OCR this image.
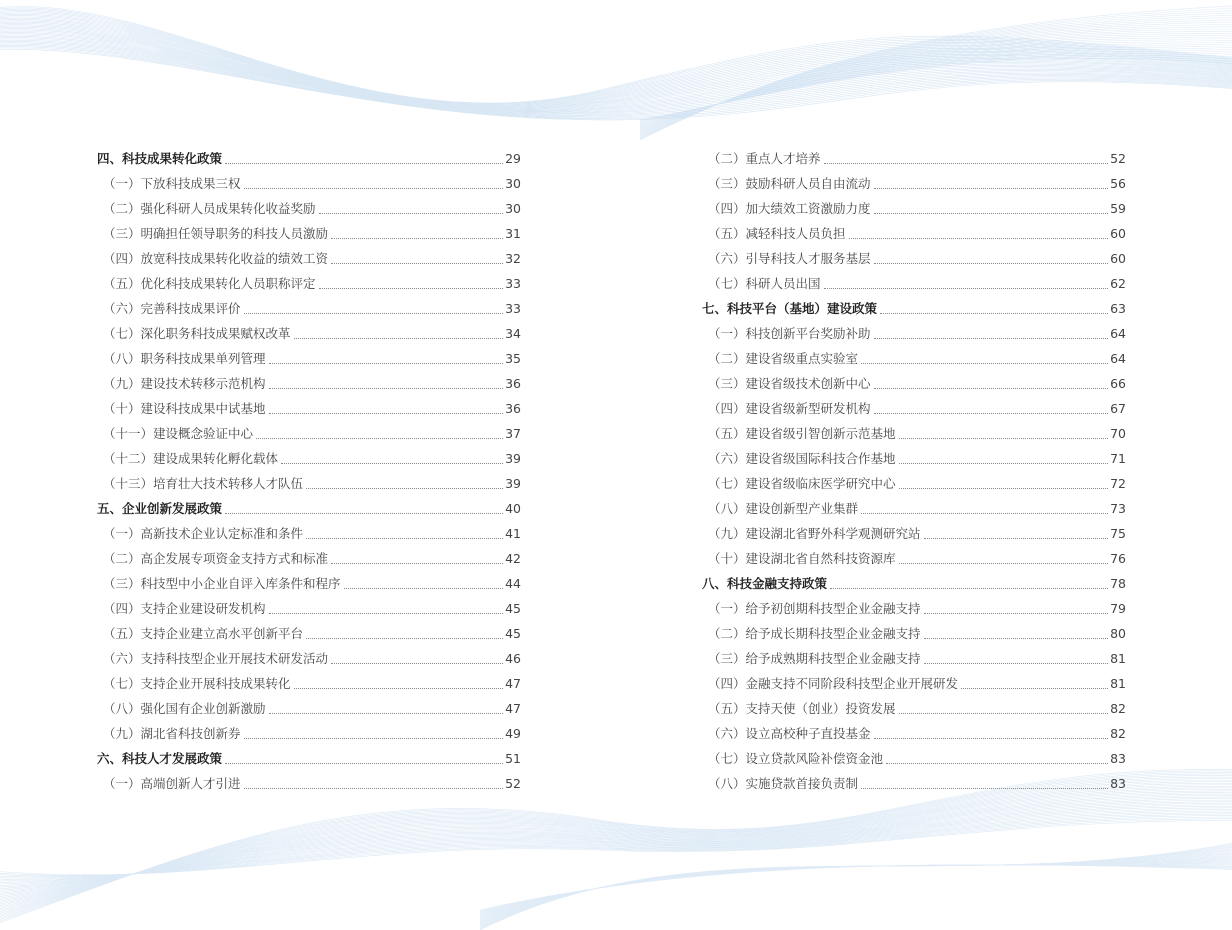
四、科技成果转化政策	29
（一）下放科技成果三权	30
（二）强化科研人员成果转化收益奖励	30
（三）明确担任领导职务的科技人员激励	31
（四）放宽科技成果转化收益的绩效工资	32
（五）优化科技成果转化人员职称评定	33
（六）完善科技成果评价	33
（七）深化职务科技成果赋权改革	34
（八）职务科技成果单列管理	35
（九）建设技术转移示范机构	36
（十）建设科技成果中试基地	36
（十一）建设概念验证中心	37
（十二）建设成果转化孵化载体	39
（十三）培育壮大技术转移人才队伍	39
五、企业创新发展政策	40
（一）高新技术企业认定标准和条件	41
（二）高企发展专项资金支持方式和标准	42
（三）科技型中小企业自评入库条件和程序	44
（四）支持企业建设研发机构	45
（五）支持企业建立高水平创新平台	45
（六）支持科技型企业开展技术研发活动	46
（七）支持企业开展科技成果转化	47
（八）强化国有企业创新激励	47
（九）湖北省科技创新券	49
六、科技人才发展政策	51
（一）高端创新人才引进	52
（二）重点人才培养	52
（三）鼓励科研人员自由流动	56
（四）加大绩效工资激励力度	59
（五）减轻科技人员负担	60
（六）引导科技人才服务基层	60
（七）科研人员出国	62
七、科技平台（基地）建设政策	63
（一）科技创新平台奖励补助	64
（二）建设省级重点实验室	64
（三）建设省级技术创新中心	66
（四）建设省级新型研发机构	67
（五）建设省级引智创新示范基地	70
（六）建设省级国际科技合作基地	71
（七）建设省级临床医学研究中心	72
（八）建设创新型产业集群	73
（九）建设湖北省野外科学观测研究站	75
（十）建设湖北省自然科技资源库	76
八、科技金融支持政策	78
（一）给予初创期科技型企业金融支持	79
（二）给予成长期科技型企业金融支持	80
（三）给予成熟期科技型企业金融支持	81
（四）金融支持不同阶段科技型企业开展研发	81
（五）支持天使（创业）投资发展	82
（六）设立高校种子直投基金	82
（七）设立贷款风险补偿资金池	83
（八）实施贷款首接负责制	83
